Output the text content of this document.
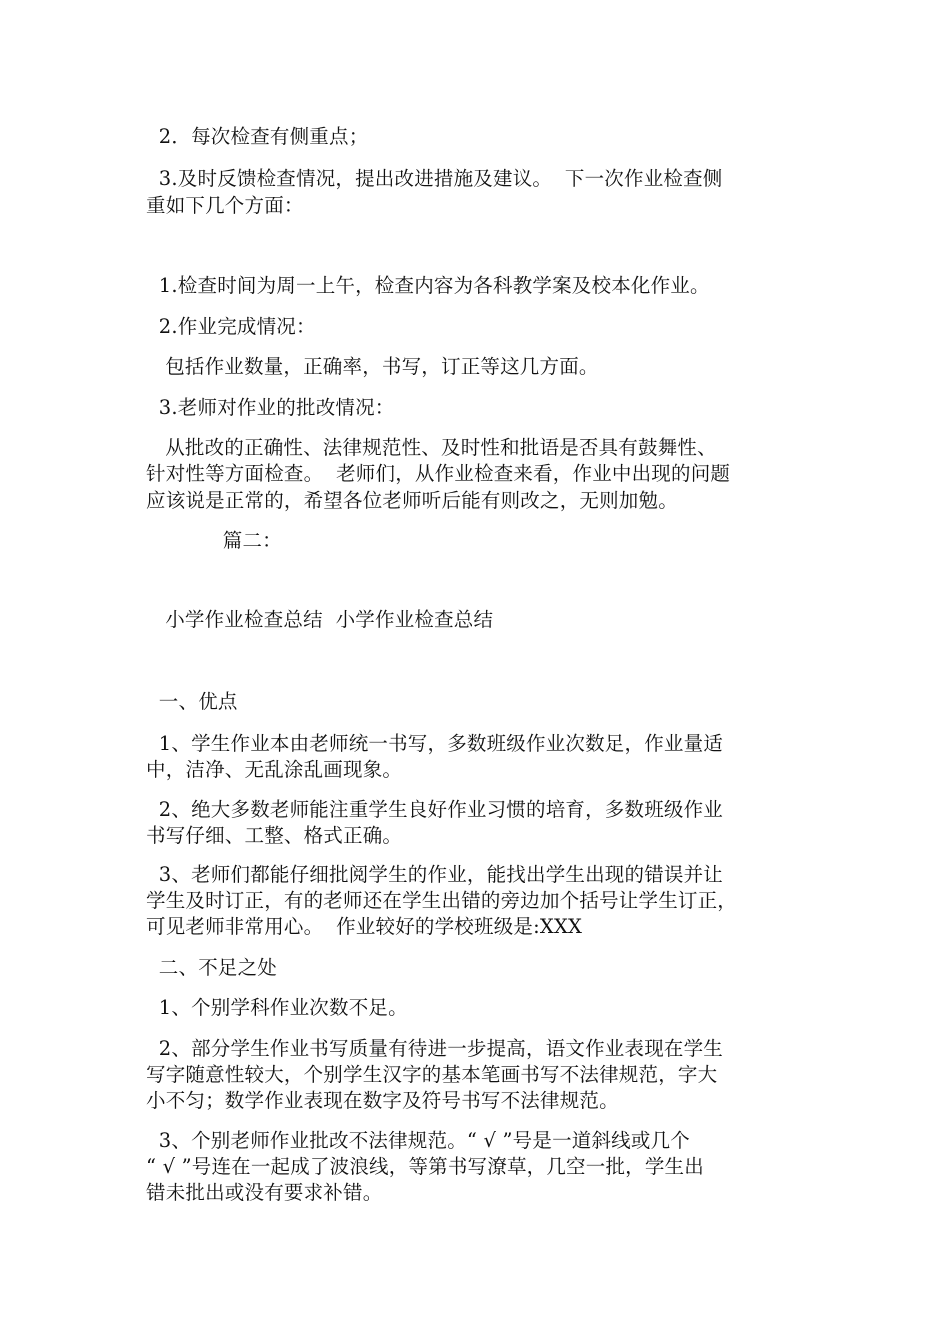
2．每次检查有侧重点；
3.及时反馈检查情况，提出改进措施及建议。  下一次作业检查侧
重如下几个方面：
1.检查时间为周一上午，检查内容为各科教学案及校本化作业。
2.作业完成情况：
包括作业数量，正确率，书写，订正等这几方面。
3.老师对作业的批改情况：
从批改的正确性、法律规范性、及时性和批语是否具有鼓舞性、
针对性等方面检查。  老师们，从作业检查来看，作业中出现的问题
应该说是正常的，希望各位老师听后能有则改之，无则加勉。
篇二：
小学作业检查总结  小学作业检查总结
一、优点
1、学生作业本由老师统一书写，多数班级作业次数足，作业量适
中，洁净、无乱涂乱画现象。
2、绝大多数老师能注重学生良好作业习惯的培育，多数班级作业
书写仔细、工整、格式正确。
3、老师们都能仔细批阅学生的作业，能找出学生出现的错误并让
学生及时订正，有的老师还在学生出错的旁边加个括号让学生订正，
可见老师非常用心。  作业较好的学校班级是:XXX
二、不足之处
1、个别学科作业次数不足。
2、部分学生作业书写质量有待进一步提高，语文作业表现在学生
写字随意性较大，个别学生汉字的基本笔画书写不法律规范，字大
小不匀；数学作业表现在数字及符号书写不法律规范。
3、个别老师作业批改不法律规范。“ √ ”号是一道斜线或几个
“ √ ”号连在一起成了波浪线，等第书写潦草，几空一批，学生出
错未批出或没有要求补错。
